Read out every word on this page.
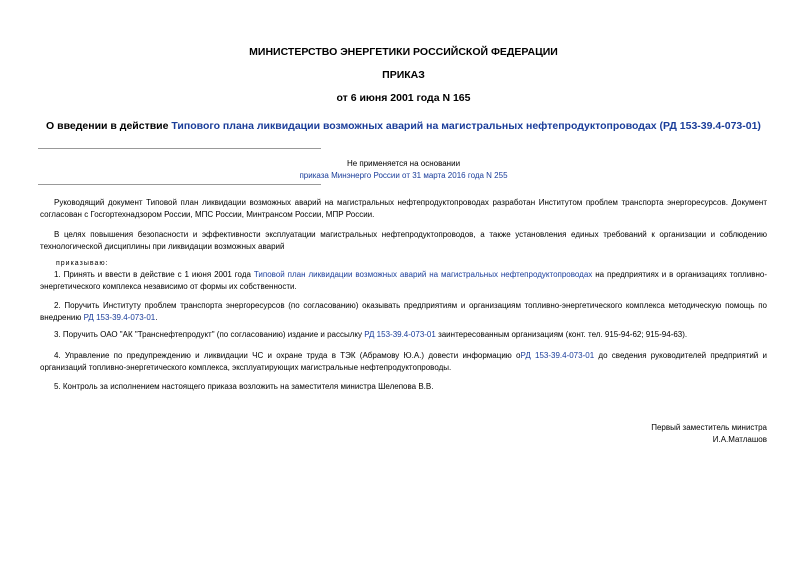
МИНИСТЕРСТВО ЭНЕРГЕТИКИ РОССИЙСКОЙ ФЕДЕРАЦИИ
ПРИКАЗ
от 6 июня 2001 года N 165
О введении в действие Типового плана ликвидации возможных аварий на магистральных нефтепродуктопроводах (РД 153-39.4-073-01)
Не применяется на основании
приказа Минэнерго России от 31 марта 2016 года N 255
Руководящий документ Типовой план ликвидации возможных аварий на магистральных нефтепродуктопроводах разработан Институтом проблем транспорта энергоресурсов. Документ согласован с Госгортехнадзором России, МПС России, Минтрансом России, МПР России.
В целях повышения безопасности и эффективности эксплуатации магистральных нефтепродуктопроводов, а также установления единых требований к организации и соблюдению технологической дисциплины при ликвидации возможных аварий
приказываю:
1. Принять и ввести в действие с 1 июня 2001 года Типовой план ликвидации возможных аварий на магистральных нефтепродуктопроводах на предприятиях и в организациях топливно-энергетического комплекса независимо от формы их собственности.
2. Поручить Институту проблем транспорта энергоресурсов (по согласованию) оказывать предприятиям и организациям топливно-энергетического комплекса методическую помощь по внедрению РД 153-39.4-073-01.
3. Поручить ОАО "АК "Транснефтепродукт" (по согласованию) издание и рассылку РД 153-39.4-073-01 заинтересованным организациям (конт. тел. 915-94-62; 915-94-63).
4. Управление по предупреждению и ликвидации ЧС и охране труда в ТЭК (Абрамову Ю.А.) довести информацию оРД 153-39.4-073-01 до сведения руководителей предприятий и организаций топливно-энергетического комплекса, эксплуатирующих магистральные нефтепродуктопроводы.
5. Контроль за исполнением настоящего приказа возложить на заместителя министра Шелепова В.В.
Первый заместитель министра
И.А.Матлашов
